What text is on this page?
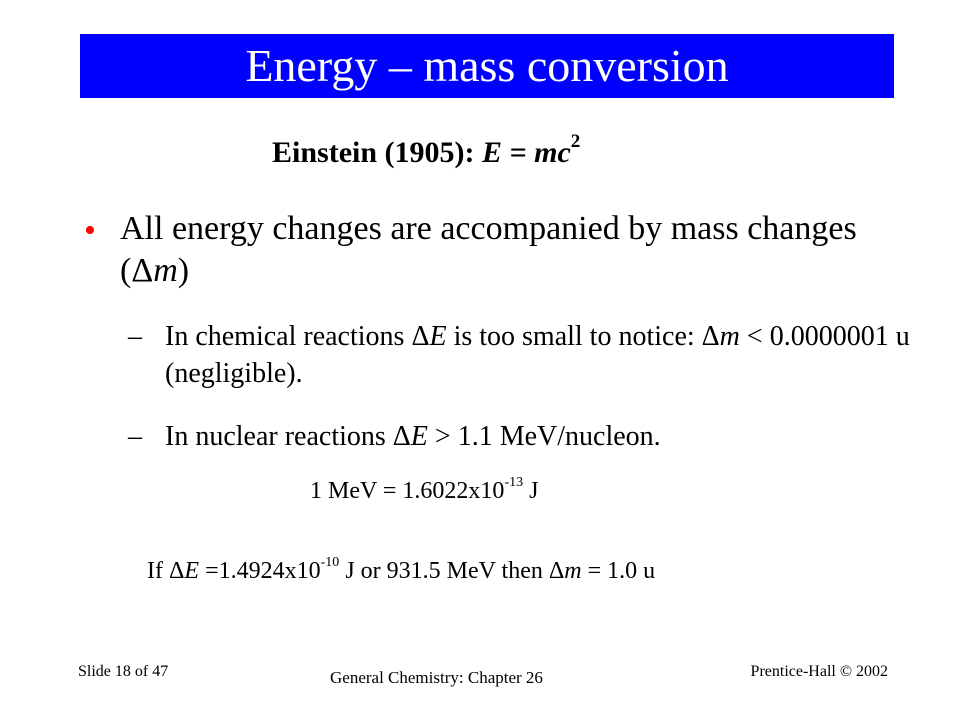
Energy – mass conversion
Einstein (1905): $E = mc^2$
• All energy changes are accompanied by mass changes (Δm)
– In chemical reactions ΔE is too small to notice: Δm < 0.0000001 u (negligible).
– In nuclear reactions ΔE > 1.1 MeV/nucleon.
1 MeV = $1.6022x10^{-13}$ J
If $\Delta E =1.4924x10^{-10}$ J or 931.5 MeV then Δm = 1.0 u
Slide 18 of 47	General Chemistry: Chapter 26	Prentice-Hall © 2002
